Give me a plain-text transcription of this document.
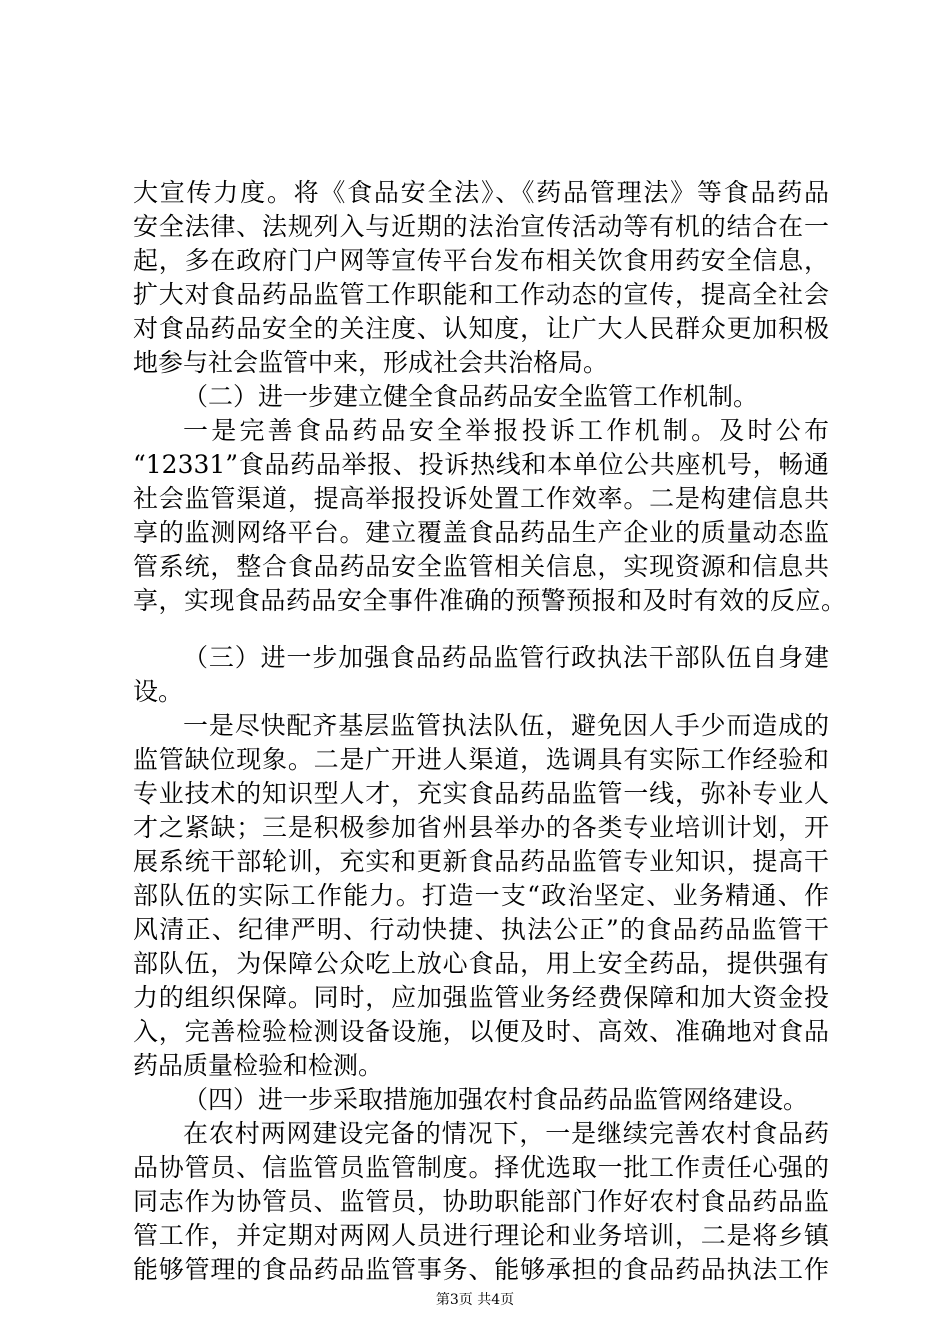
大宣传力度。将《食品安全法》、《药品管理法》等食品药品
安全法律、法规列入与近期的法治宣传活动等有机的结合在一
起，多在政府门户网等宣传平台发布相关饮食用药安全信息，
扩大对食品药品监管工作职能和工作动态的宣传，提高全社会
对食品药品安全的关注度、认知度，让广大人民群众更加积极
地参与社会监管中来，形成社会共治格局。
（二）进一步建立健全食品药品安全监管工作机制。
一是完善食品药品安全举报投诉工作机制。及时公布
“12331”食品药品举报、投诉热线和本单位公共座机号，畅通
社会监管渠道，提高举报投诉处置工作效率。二是构建信息共
享的监测网络平台。建立覆盖食品药品生产企业的质量动态监
管系统，整合食品药品安全监管相关信息，实现资源和信息共
享，实现食品药品安全事件准确的预警预报和及时有效的反应。
（三）进一步加强食品药品监管行政执法干部队伍自身建
设。
一是尽快配齐基层监管执法队伍，避免因人手少而造成的
监管缺位现象。二是广开进人渠道，选调具有实际工作经验和
专业技术的知识型人才，充实食品药品监管一线，弥补专业人
才之紧缺；三是积极参加省州县举办的各类专业培训计划，开
展系统干部轮训，充实和更新食品药品监管专业知识，提高干
部队伍的实际工作能力。打造一支“政治坚定、业务精通、作
风清正、纪律严明、行动快捷、执法公正”的食品药品监管干
部队伍，为保障公众吃上放心食品，用上安全药品，提供强有
力的组织保障。同时，应加强监管业务经费保障和加大资金投
入，完善检验检测设备设施，以便及时、高效、准确地对食品
药品质量检验和检测。
（四）进一步采取措施加强农村食品药品监管网络建设。
在农村两网建设完备的情况下，一是继续完善农村食品药
品协管员、信监管员监管制度。择优选取一批工作责任心强的
同志作为协管员、监管员，协助职能部门作好农村食品药品监
管工作，并定期对两网人员进行理论和业务培训，二是将乡镇
能够管理的食品药品监管事务、能够承担的食品药品执法工作
第3页 共4页
